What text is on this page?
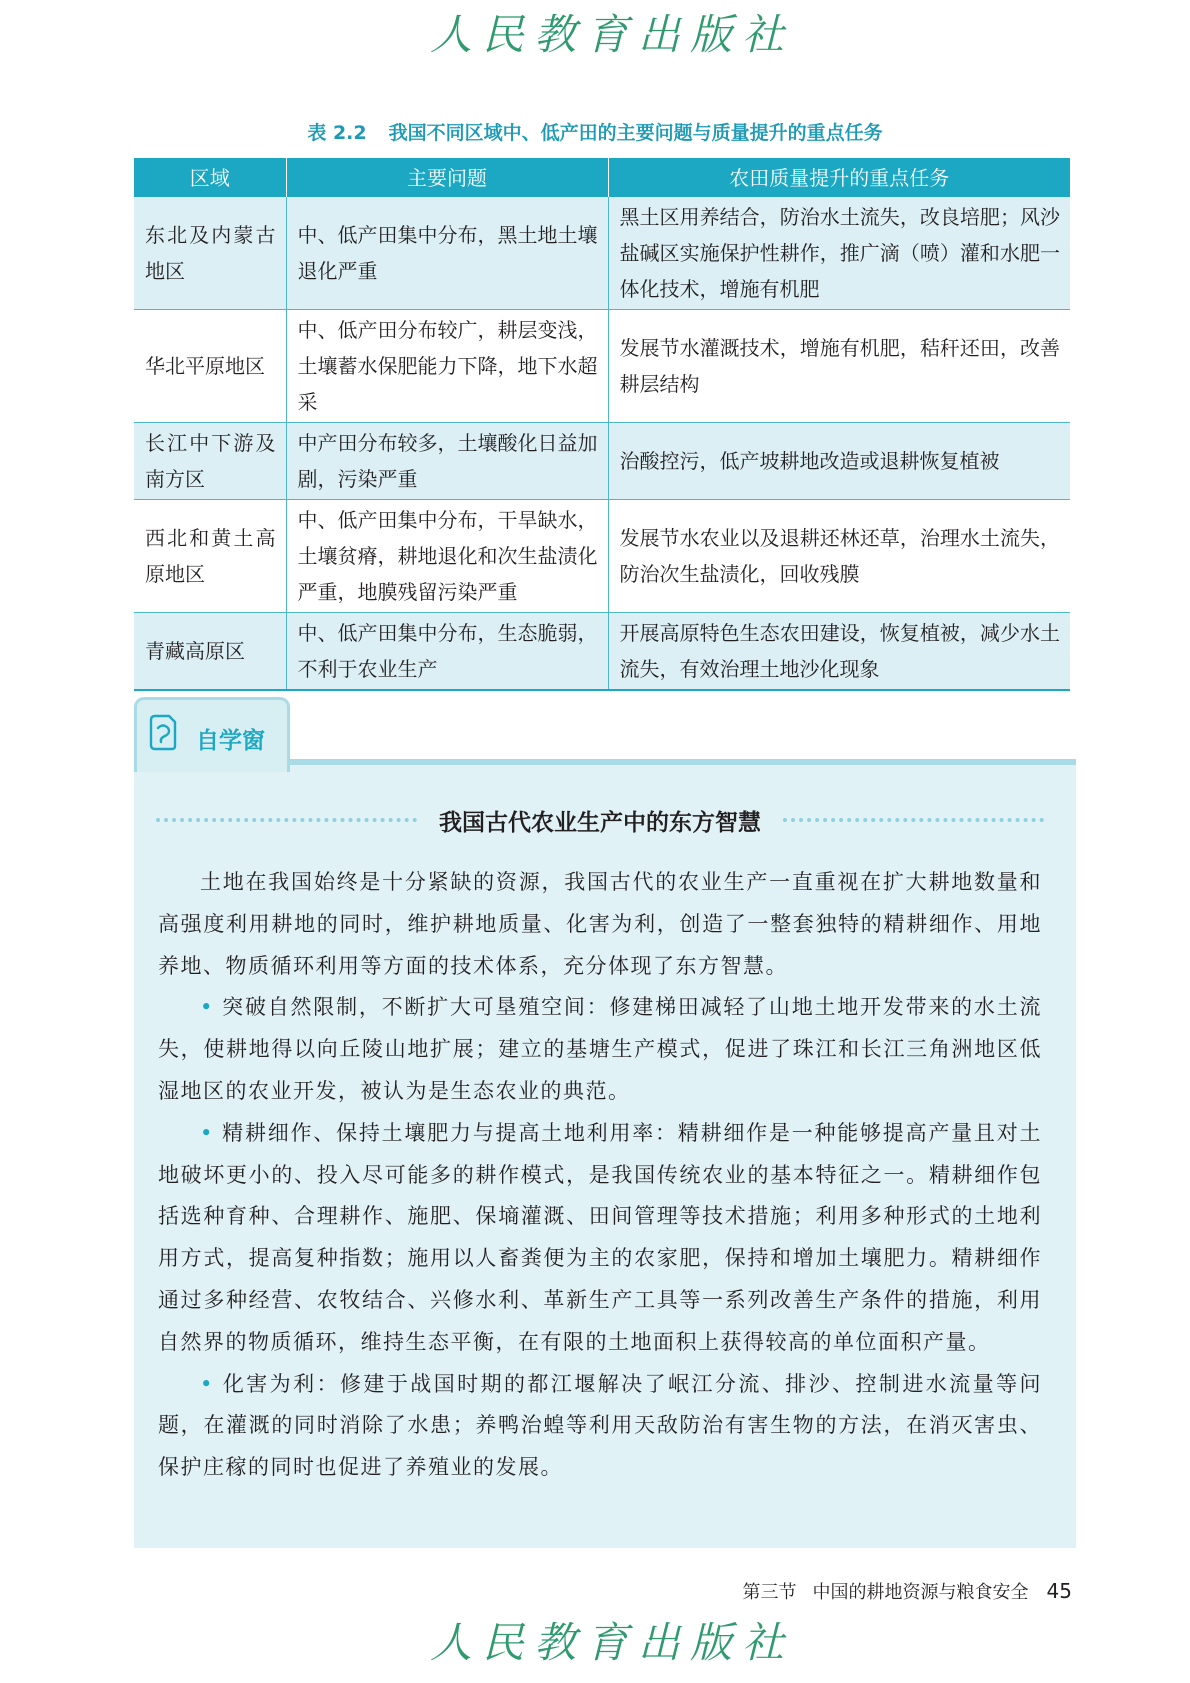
人民教育出版社
表 2.2 我国不同区域中、低产田的主要问题与质量提升的重点任务
区域	主要问题	农田质量提升的重点任务
东北及内蒙古地区	中、低产田集中分布，黑土地土壤退化严重	黑土区用养结合，防治水土流失，改良培肥；风沙盐碱区实施保护性耕作，推广滴（喷）灌和水肥一体化技术，增施有机肥
华北平原地区	中、低产田分布较广，耕层变浅，土壤蓄水保肥能力下降，地下水超采	发展节水灌溉技术，增施有机肥，秸秆还田，改善耕层结构
长江中下游及南方区	中产田分布较多，土壤酸化日益加剧，污染严重	治酸控污，低产坡耕地改造或退耕恢复植被
西北和黄土高原地区	中、低产田集中分布，干旱缺水，土壤贫瘠，耕地退化和次生盐渍化严重，地膜残留污染严重	发展节水农业以及退耕还林还草，治理水土流失，防治次生盐渍化，回收残膜
青藏高原区	中、低产田集中分布，生态脆弱，不利于农业生产	开展高原特色生态农田建设，恢复植被，减少水土流失，有效治理土地沙化现象
自学窗
我国古代农业生产中的东方智慧

土地在我国始终是十分紧缺的资源，我国古代的农业生产一直重视在扩大耕地数量和高强度利用耕地的同时，维护耕地质量、化害为利，创造了一整套独特的精耕细作、用地养地、物质循环利用等方面的技术体系，充分体现了东方智慧。

• 突破自然限制，不断扩大可垦殖空间：修建梯田减轻了山地土地开发带来的水土流失，使耕地得以向丘陵山地扩展；建立的基塘生产模式，促进了珠江和长江三角洲地区低湿地区的农业开发，被认为是生态农业的典范。

• 精耕细作、保持土壤肥力与提高土地利用率：精耕细作是一种能够提高产量且对土地破坏更小的、投入尽可能多的耕作模式，是我国传统农业的基本特征之一。精耕细作包括选种育种、合理耕作、施肥、保墒灌溉、田间管理等技术措施；利用多种形式的土地利用方式，提高复种指数；施用以人畜粪便为主的农家肥，保持和增加土壤肥力。精耕细作通过多种经营、农牧结合、兴修水利、革新生产工具等一系列改善生产条件的措施，利用自然界的物质循环，维持生态平衡，在有限的土地面积上获得较高的单位面积产量。

• 化害为利：修建于战国时期的都江堰解决了岷江分流、排沙、控制进水流量等问题，在灌溉的同时消除了水患；养鸭治蝗等利用天敌防治有害生物的方法，在消灭害虫、保护庄稼的同时也促进了养殖业的发展。

第三节 中国的耕地资源与粮食安全 45
人民教育出版社
